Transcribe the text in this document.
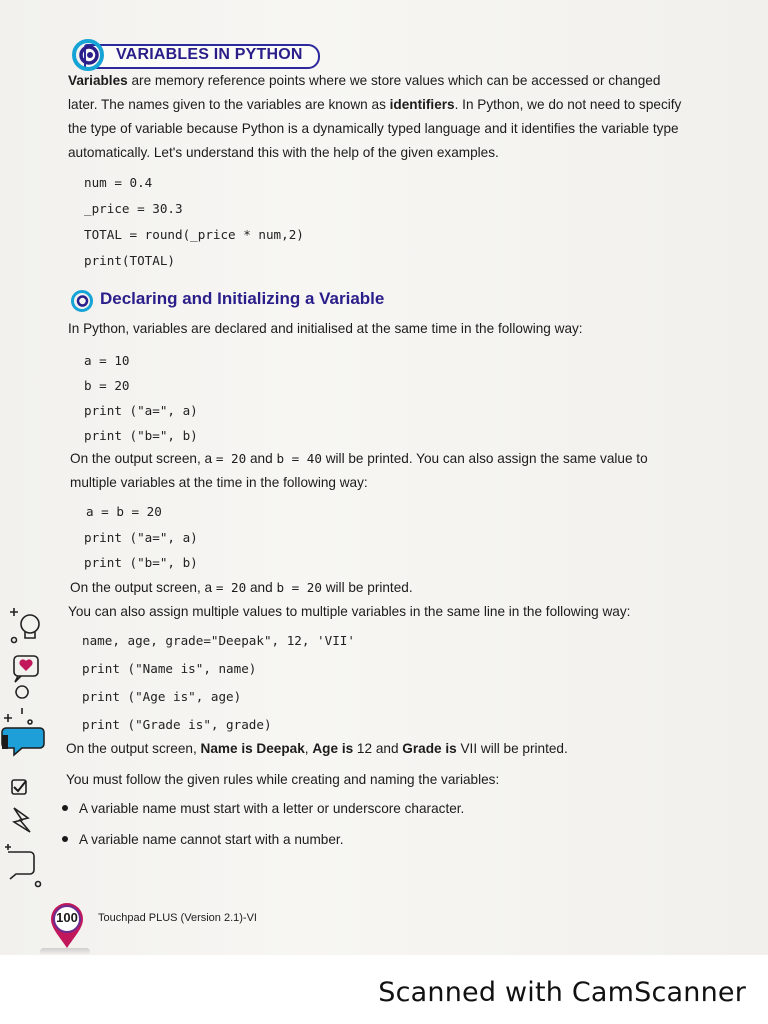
VARIABLES IN PYTHON
Variables are memory reference points where we store values which can be accessed or changed
later. The names given to the variables are known as identifiers. In Python, we do not need to specify
the type of variable because Python is a dynamically typed language and it identifies the variable type
automatically. Let's understand this with the help of the given examples.
num = 0.4
_price = 30.3
TOTAL = round(_price * num,2)
print(TOTAL)
Declaring and Initializing a Variable
In Python, variables are declared and initialised at the same time in the following way:
a = 10
b = 20
print ("a=", a)
print ("b=", b)
On the output screen, a = 20 and b = 40 will be printed. You can also assign the same value to
multiple variables at the time in the following way:
a = b = 20
print ("a=", a)
print ("b=", b)
On the output screen, a = 20 and b = 20 will be printed.
You can also assign multiple values to multiple variables in the same line in the following way:
name, age, grade="Deepak", 12, 'VII'
print ("Name is", name)
print ("Age is", age)
print ("Grade is", grade)
On the output screen, Name is Deepak, Age is 12 and Grade is VII will be printed.
You must follow the given rules while creating and naming the variables:
A variable name must start with a letter or underscore character.
A variable name cannot start with a number.
100	Touchpad PLUS (Version 2.1)-VI
Scanned with CamScanner
